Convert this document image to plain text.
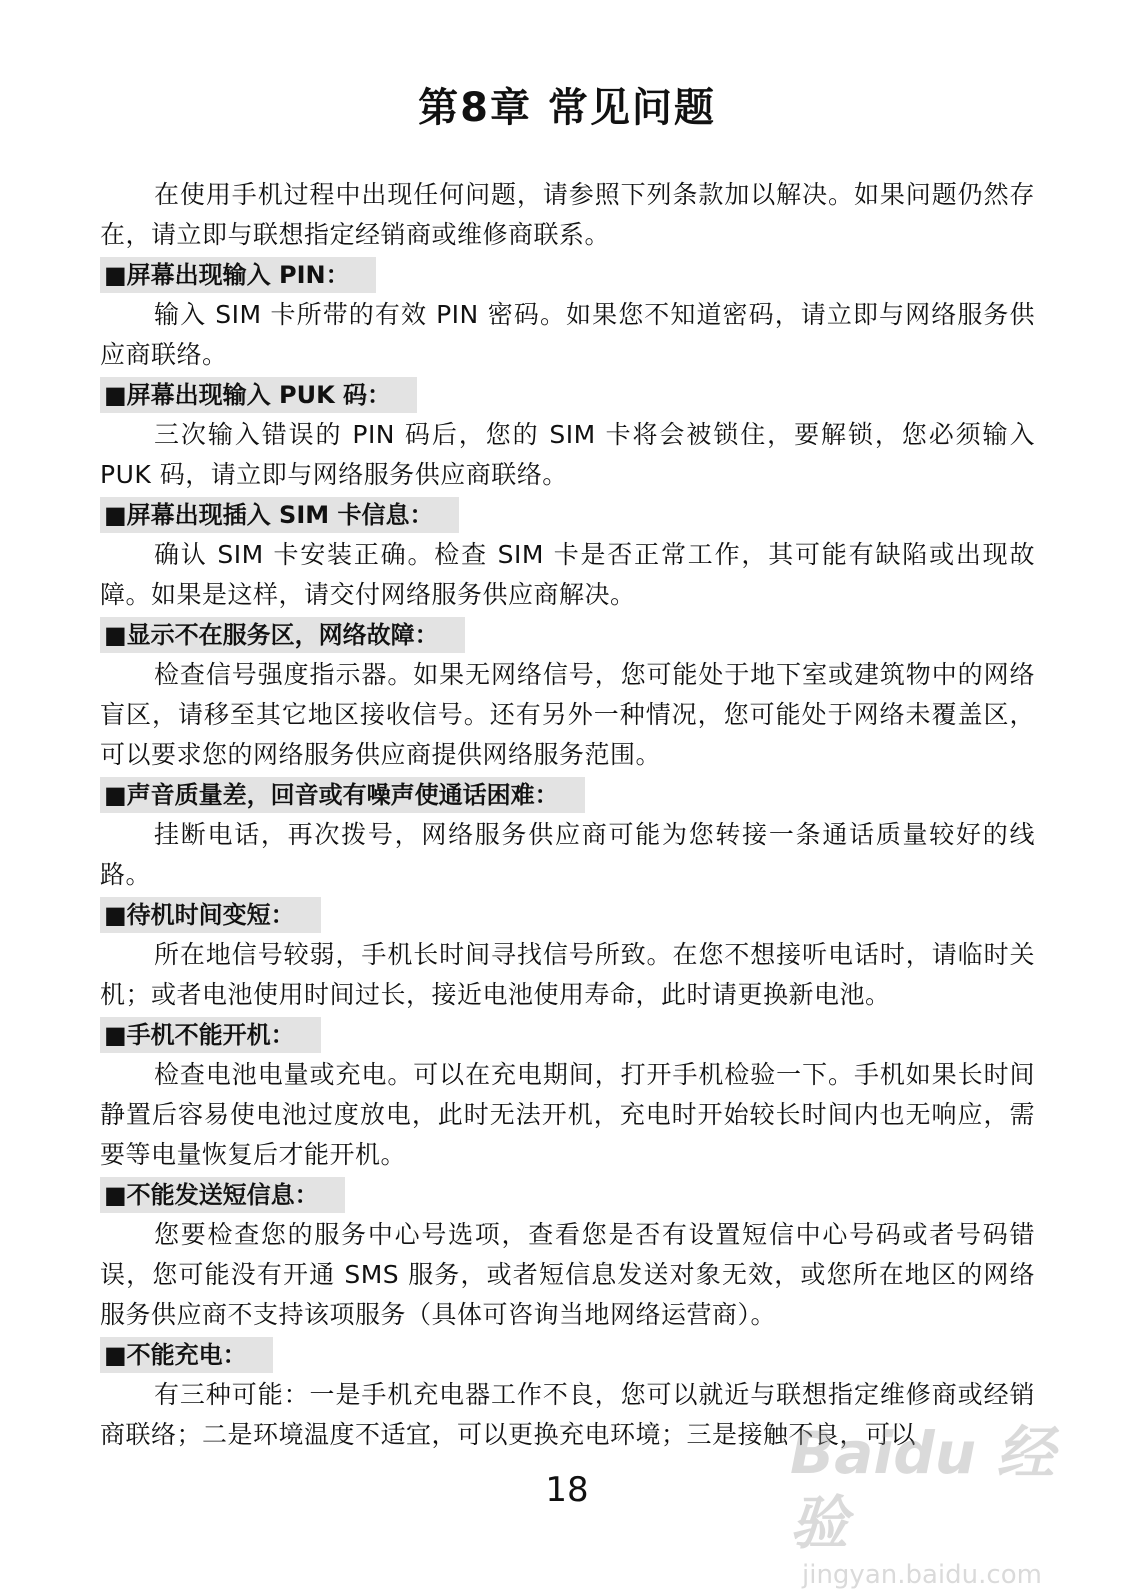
第8章 常见问题

在使用手机过程中出现任何问题，请参照下列条款加以解决。如果问题仍然存在，请立即与联想指定经销商或维修商联系。

■屏幕出现输入 PIN：

输入 SIM 卡所带的有效 PIN 密码。如果您不知道密码，请立即与网络服务供应商联络。

■屏幕出现输入 PUK 码：

三次输入错误的 PIN 码后，您的 SIM 卡将会被锁住，要解锁，您必须输入 PUK 码，请立即与网络服务供应商联络。

■屏幕出现插入 SIM 卡信息：

确认 SIM 卡安装正确。检查 SIM 卡是否正常工作，其可能有缺陷或出现故障。如果是这样，请交付网络服务供应商解决。

■显示不在服务区，网络故障：

检查信号强度指示器。如果无网络信号，您可能处于地下室或建筑物中的网络盲区，请移至其它地区接收信号。还有另外一种情况，您可能处于网络未覆盖区，可以要求您的网络服务供应商提供网络服务范围。

■声音质量差，回音或有噪声使通话困难：

挂断电话，再次拨号，网络服务供应商可能为您转接一条通话质量较好的线路。

■待机时间变短：

所在地信号较弱，手机长时间寻找信号所致。在您不想接听电话时，请临时关机；或者电池使用时间过长，接近电池使用寿命，此时请更换新电池。

■手机不能开机：

检查电池电量或充电。可以在充电期间，打开手机检验一下。手机如果长时间静置后容易使电池过度放电，此时无法开机，充电时开始较长时间内也无响应，需要等电量恢复后才能开机。

■不能发送短信息：

您要检查您的服务中心号选项，查看您是否有设置短信中心号码或者号码错误，您可能没有开通 SMS 服务，或者短信息发送对象无效，或您所在地区的网络服务供应商不支持该项服务（具体可咨询当地网络运营商）。

■不能充电：

有三种可能：一是手机充电器工作不良，您可以就近与联想指定维修商或经销商联络；二是环境温度不适宜，可以更换充电环境；三是接触不良，可以

Baidu 经验
jingyan.baidu.com
18
